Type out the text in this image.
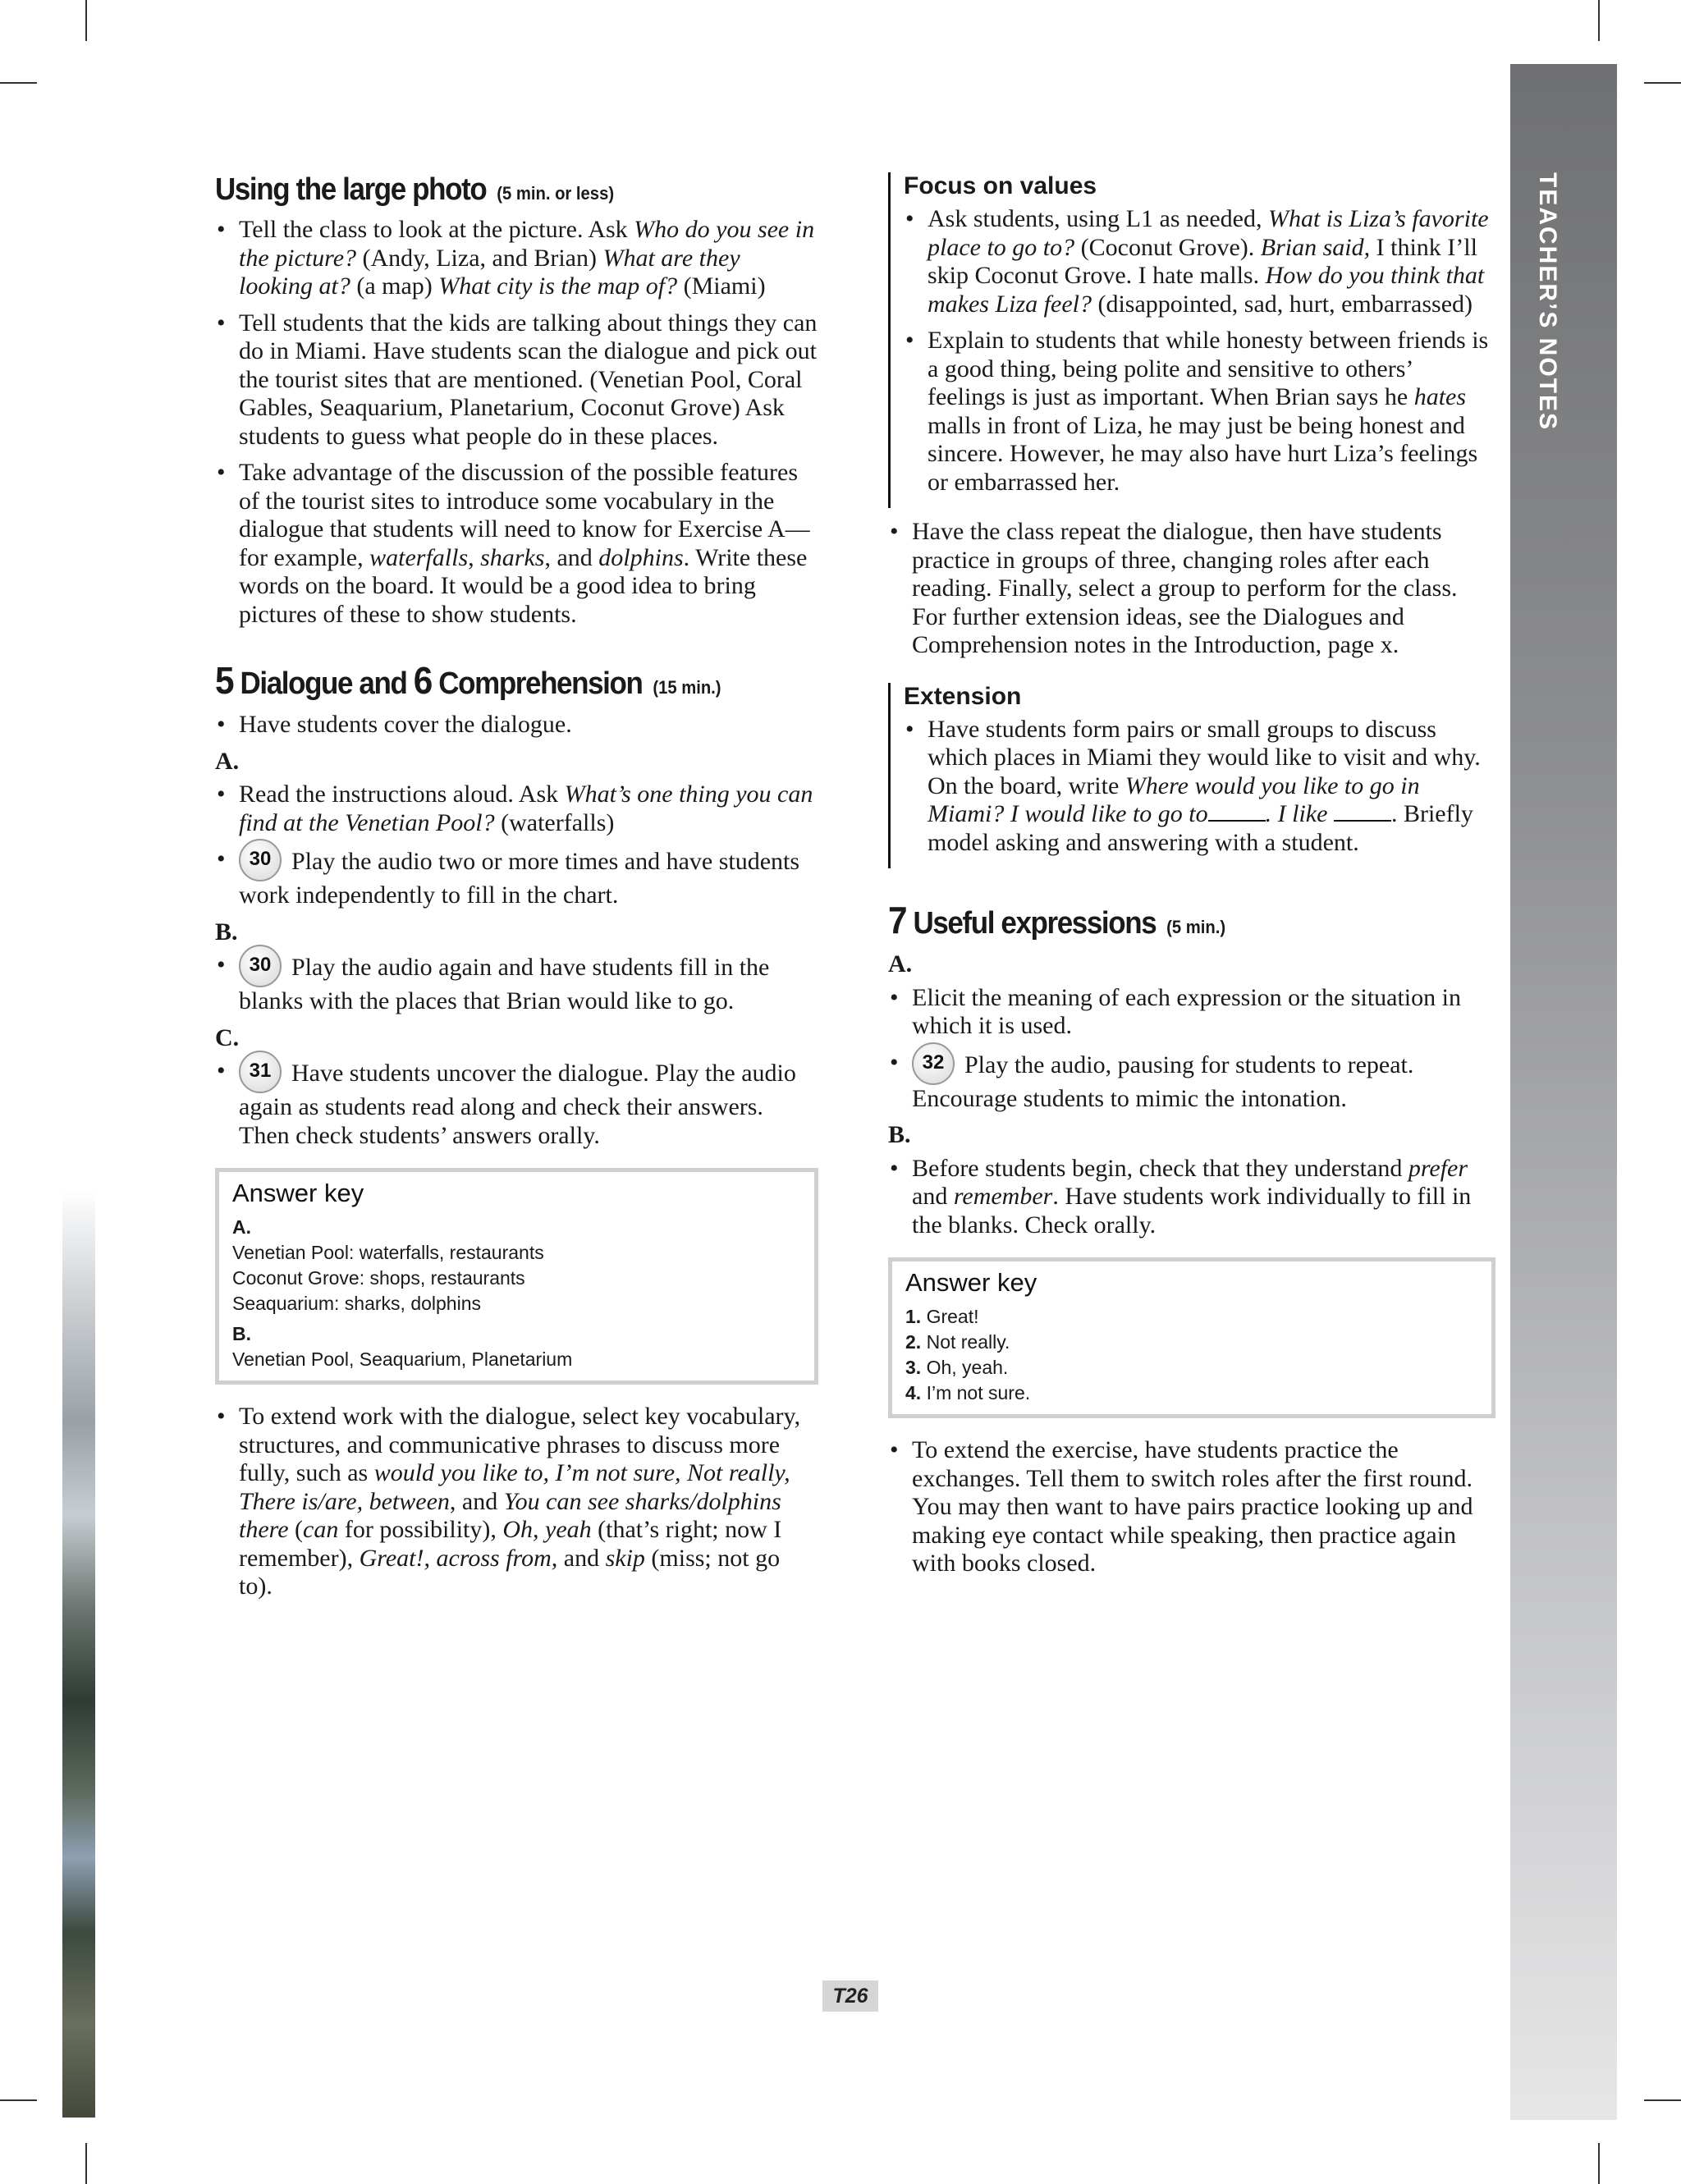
TEACHER’S NOTES
Using the large photo (5 min. or less)

• Tell the class to look at the picture. Ask Who do you see in the picture? (Andy, Liza, and Brian) What are they looking at? (a map) What city is the map of? (Miami)

• Tell students that the kids are talking about things they can do in Miami. Have students scan the dialogue and pick out the tourist sites that are mentioned. (Venetian Pool, Coral Gables, Seaquarium, Planetarium, Coconut Grove) Ask students to guess what people do in these places.

• Take advantage of the discussion of the possible features of the tourist sites to introduce some vocabulary in the dialogue that students will need to know for Exercise A—for example, waterfalls, sharks, and dolphins. Write these words on the board. It would be a good idea to bring pictures of these to show students.

5 Dialogue and 6 Comprehension (15 min.)

• Have students cover the dialogue.

A.

• Read the instructions aloud. Ask What’s one thing you can find at the Venetian Pool? (waterfalls)

• 30 Play the audio two or more times and have students work independently to fill in the chart.

B.

• 30 Play the audio again and have students fill in the blanks with the places that Brian would like to go.

C.

• 31 Have students uncover the dialogue. Play the audio again as students read along and check their answers. Then check students’ answers orally.

Answer key

A.

Venetian Pool: waterfalls, restaurants

Coconut Grove: shops, restaurants

Seaquarium: sharks, dolphins

B.

Venetian Pool, Seaquarium, Planetarium

• To extend work with the dialogue, select key vocabulary, structures, and communicative phrases to discuss more fully, such as would you like to, I’m not sure, Not really, There is/are, between, and You can see sharks/dolphins there (can for possibility), Oh, yeah (that’s right; now I remember), Great!, across from, and skip (miss; not go to).

Focus on values

• Ask students, using L1 as needed, What is Liza’s favorite place to go to? (Coconut Grove). Brian said, I think I’ll skip Coconut Grove. I hate malls. How do you think that makes Liza feel? (disappointed, sad, hurt, embarrassed)

• Explain to students that while honesty between friends is a good thing, being polite and sensitive to others’ feelings is just as important. When Brian says he hates malls in front of Liza, he may just be being honest and sincere. However, he may also have hurt Liza’s feelings or embarrassed her.

• Have the class repeat the dialogue, then have students practice in groups of three, changing roles after each reading. Finally, select a group to perform for the class. For further extension ideas, see the Dialogues and Comprehension notes in the Introduction, page x.

Extension

• Have students form pairs or small groups to discuss which places in Miami they would like to visit and why. On the board, write Where would you like to go in Miami? I would like to go to . I like	. Briefly model asking and answering with a student.

7 Useful expressions (5 min.)

A.

• Elicit the meaning of each expression or the situation in which it is used.

• 32 Play the audio, pausing for students to repeat. Encourage students to mimic the intonation.

B.

• Before students begin, check that they understand prefer and remember. Have students work individually to fill in the blanks. Check orally.

Answer key

1. Great!

2. Not really.

3. Oh, yeah.

4. I’m not sure.

• To extend the exercise, have students practice the exchanges. Tell them to switch roles after the first round. You may then want to have pairs practice looking up and making eye contact while speaking, then practice again with books closed.

T26
